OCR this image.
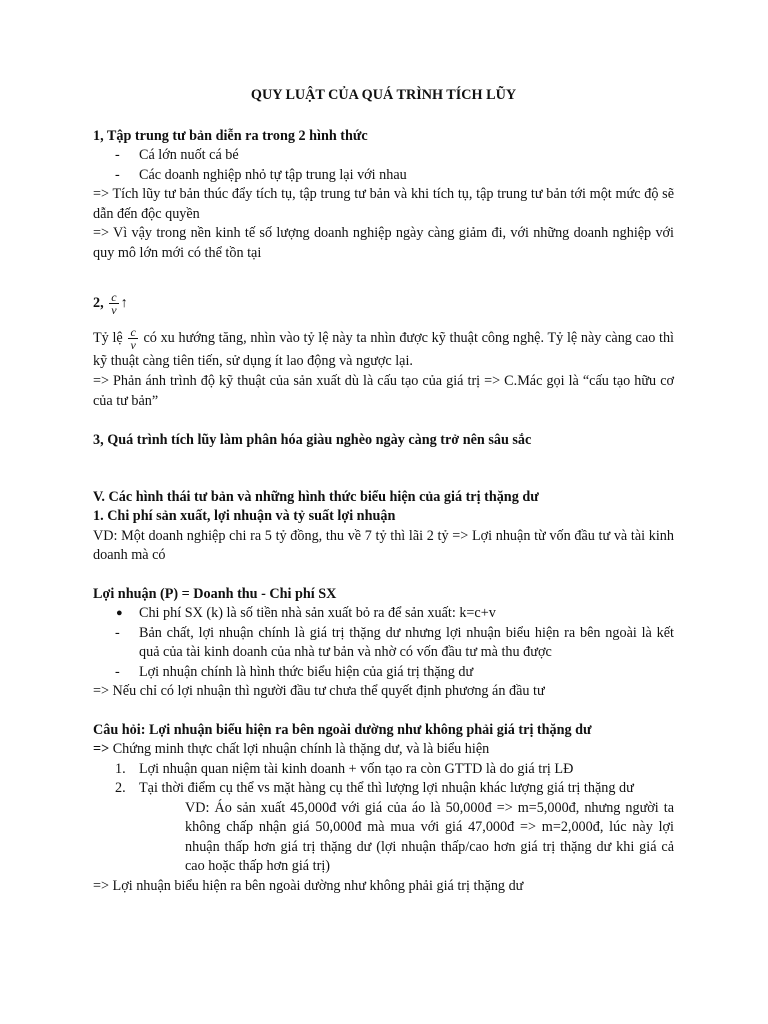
QUY LUẬT CỦA QUÁ TRÌNH TÍCH LŨY

1, Tập trung tư bản diễn ra trong 2 hình thức

- Cá lớn nuốt cá bé
- Các doanh nghiệp nhỏ tự tập trung lại với nhau

=> Tích lũy tư bản thúc đẩy tích tụ, tập trung tư bản và khi tích tụ, tập trung tư bản tới một mức độ sẽ dẫn đến độc quyền

=> Vì vậy trong nền kinh tế số lượng doanh nghiệp ngày càng giảm đi, với những doanh nghiệp với quy mô lớn mới có thể tồn tại

2, $\frac{c}{v}$ ↑

Tỷ lệ $\frac{c}{v}$ có xu hướng tăng, nhìn vào tỷ lệ này ta nhìn được kỹ thuật công nghệ. Tỷ lệ này càng cao thì kỹ thuật càng tiên tiến, sử dụng ít lao động và ngược lại.

=> Phản ánh trình độ kỹ thuật của sản xuất dù là cấu tạo của giá trị => C.Mác gọi là “cấu tạo hữu cơ của tư bản”

3, Quá trình tích lũy làm phân hóa giàu nghèo ngày càng trở nên sâu sắc

V. Các hình thái tư bản và những hình thức biểu hiện của giá trị thặng dư

1. Chi phí sản xuất, lợi nhuận và tỷ suất lợi nhuận

VD: Một doanh nghiệp chi ra 5 tỷ đồng, thu về 7 tỷ thì lãi 2 tỷ => Lợi nhuận từ vốn đầu tư và tài kinh doanh mà có

Lợi nhuận (P) = Doanh thu - Chi phí SX

● Chi phí SX (k) là số tiền nhà sản xuất bỏ ra để sản xuất: k=c+v
- Bản chất, lợi nhuận chính là giá trị thặng dư nhưng lợi nhuận biểu hiện ra bên ngoài là kết quả của tài kinh doanh của nhà tư bản và nhờ có vốn đầu tư mà thu được
- Lợi nhuận chính là hình thức biểu hiện của giá trị thặng dư

=> Nếu chỉ có lợi nhuận thì người đầu tư chưa thể quyết định phương án đầu tư

Câu hỏi: Lợi nhuận biểu hiện ra bên ngoài dường như không phải giá trị thặng dư

=> Chứng minh thực chất lợi nhuận chính là thặng dư, và là biểu hiện

1. Lợi nhuận quan niệm tài kinh doanh + vốn tạo ra còn GTTD là do giá trị LĐ
2. Tại thời điểm cụ thể vs mặt hàng cụ thể thì lượng lợi nhuận khác lượng giá trị thặng dư
VD: Áo sản xuất 45,000đ với giá của áo là 50,000đ => m=5,000đ, nhưng người ta không chấp nhận giá 50,000đ mà mua với giá 47,000đ => m=2,000đ, lúc này lợi nhuận thấp hơn giá trị thặng dư (lợi nhuận thấp/cao hơn giá trị thặng dư khi giá cả cao hoặc thấp hơn giá trị)

=> Lợi nhuận biểu hiện ra bên ngoài dường như không phải giá trị thặng dư
